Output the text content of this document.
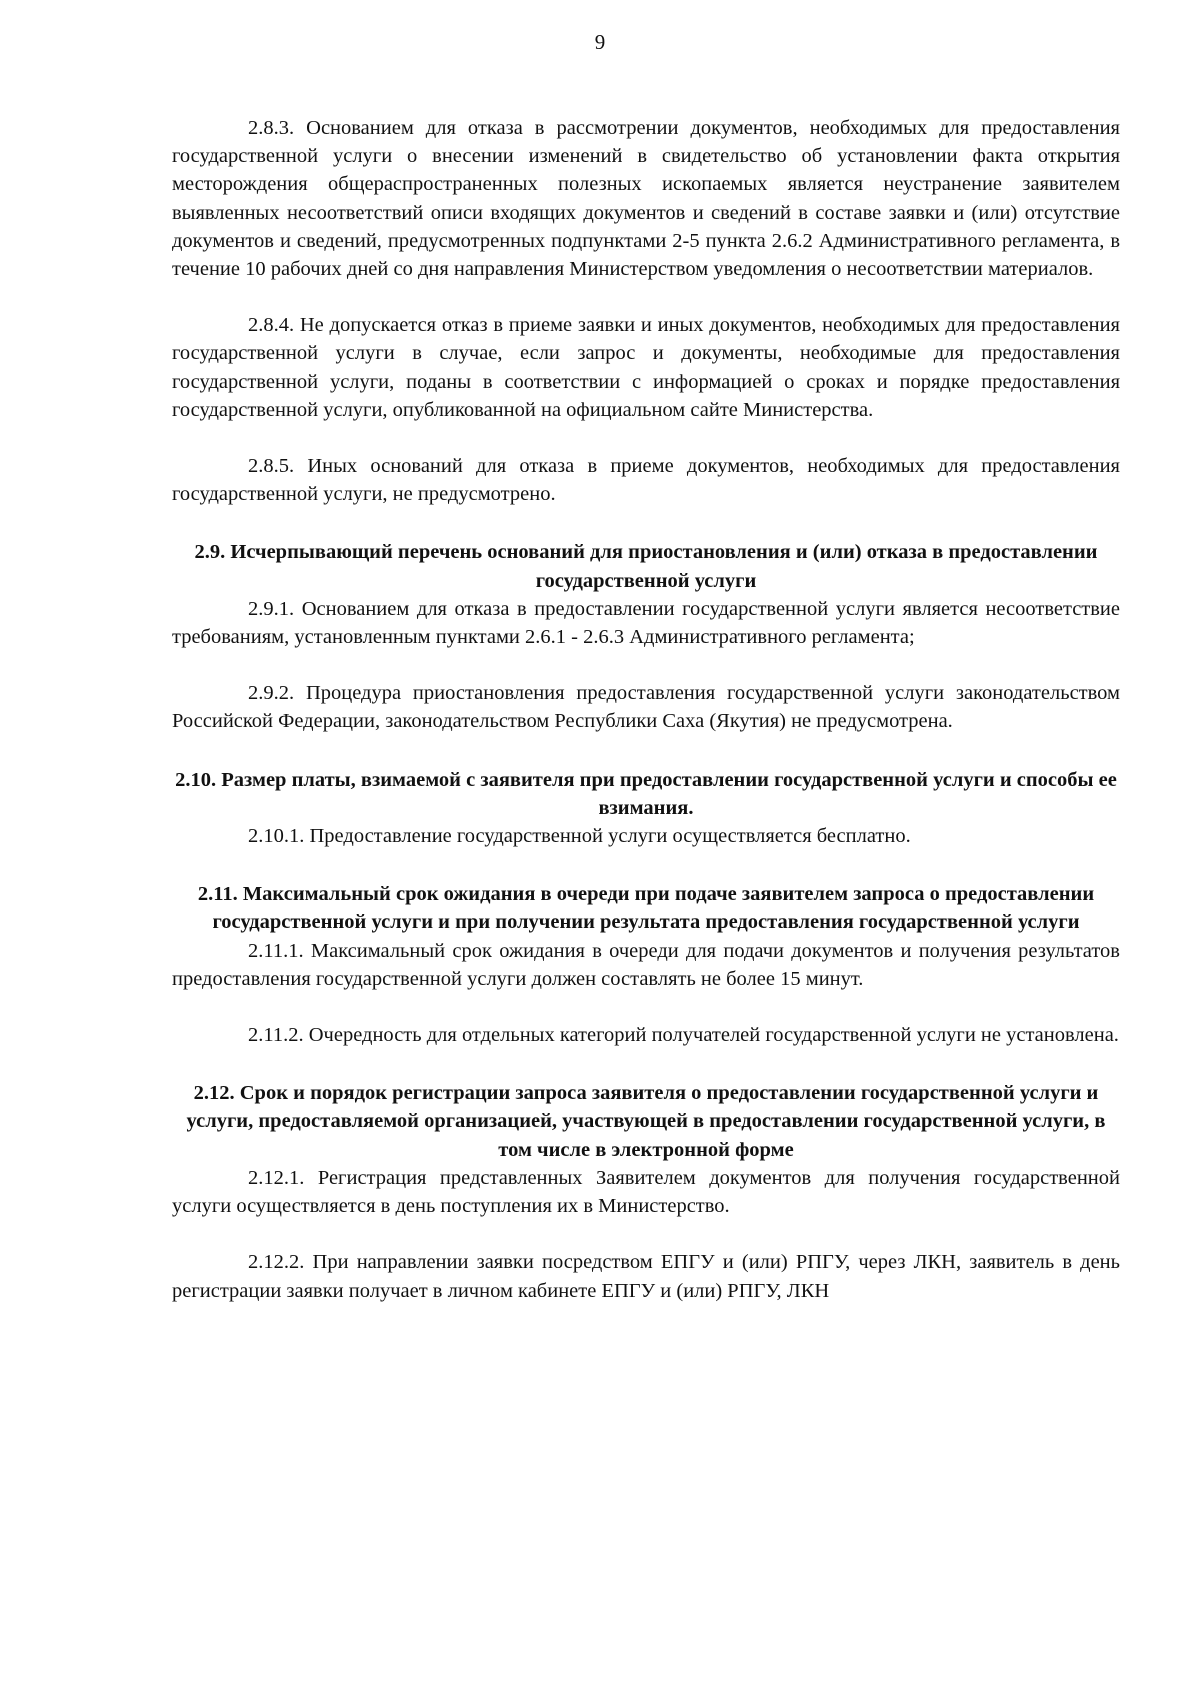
9

2.8.3. Основанием для отказа в рассмотрении документов, необходимых для предоставления государственной услуги о внесении изменений в свидетельство об установлении факта открытия месторождения общераспространенных полезных ископаемых является неустранение заявителем выявленных несоответствий описи входящих документов и сведений в составе заявки и (или) отсутствие документов и сведений, предусмотренных подпунктами 2-5 пункта 2.6.2 Административного регламента, в течение 10 рабочих дней со дня направления Министерством уведомления о несоответствии материалов.

2.8.4. Не допускается отказ в приеме заявки и иных документов, необходимых для предоставления государственной услуги в случае, если запрос и документы, необходимые для предоставления государственной услуги, поданы в соответствии с информацией о сроках и порядке предоставления государственной услуги, опубликованной на официальном сайте Министерства.

2.8.5. Иных оснований для отказа в приеме документов, необходимых для предоставления государственной услуги, не предусмотрено.

2.9. Исчерпывающий перечень оснований для приостановления и (или) отказа в предоставлении государственной услуги

2.9.1. Основанием для отказа в предоставлении государственной услуги является несоответствие требованиям, установленным пунктами 2.6.1 - 2.6.3 Административного регламента;

2.9.2. Процедура приостановления предоставления государственной услуги законодательством Российской Федерации, законодательством Республики Саха (Якутия) не предусмотрена.

2.10. Размер платы, взимаемой с заявителя при предоставлении государственной услуги и способы ее взимания.

2.10.1. Предоставление государственной услуги осуществляется бесплатно.

2.11. Максимальный срок ожидания в очереди при подаче заявителем запроса о предоставлении государственной услуги и при получении результата предоставления государственной услуги

2.11.1. Максимальный срок ожидания в очереди для подачи документов и получения результатов предоставления государственной услуги должен составлять не более 15 минут.

2.11.2. Очередность для отдельных категорий получателей государственной услуги не установлена.

2.12. Срок и порядок регистрации запроса заявителя о предоставлении государственной услуги и услуги, предоставляемой организацией, участвующей в предоставлении государственной услуги, в том числе в электронной форме

2.12.1. Регистрация представленных Заявителем документов для получения государственной услуги осуществляется в день поступления их в Министерство.

2.12.2. При направлении заявки посредством ЕПГУ и (или) РПГУ, через ЛКН, заявитель в день регистрации заявки получает в личном кабинете ЕПГУ и (или) РПГУ, ЛКН
